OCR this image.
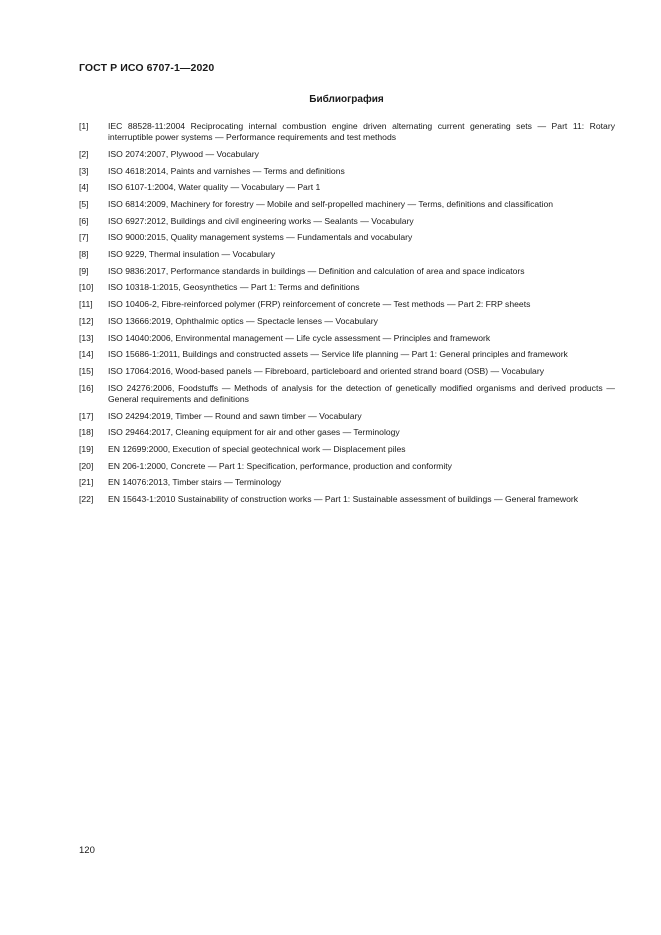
ГОСТ Р ИСО 6707-1—2020
Библиография
[1]	IEC 88528-11:2004 Reciprocating internal combustion engine driven alternating current generating sets — Part 11: Rotary interruptible power systems — Performance requirements and test methods
[2]	ISO 2074:2007, Plywood — Vocabulary
[3]	ISO 4618:2014, Paints and varnishes — Terms and definitions
[4]	ISO 6107-1:2004, Water quality — Vocabulary — Part 1
[5]	ISO 6814:2009, Machinery for forestry — Mobile and self-propelled machinery — Terms, definitions and classification
[6]	ISO 6927:2012, Buildings and civil engineering works — Sealants — Vocabulary
[7]	ISO 9000:2015, Quality management systems — Fundamentals and vocabulary
[8]	ISO 9229, Thermal insulation — Vocabulary
[9]	ISO 9836:2017, Performance standards in buildings — Definition and calculation of area and space indicators
[10]	ISO 10318-1:2015, Geosynthetics — Part 1: Terms and definitions
[11]	ISO 10406-2, Fibre-reinforced polymer (FRP) reinforcement of concrete — Test methods — Part 2: FRP sheets
[12]	ISO 13666:2019, Ophthalmic optics — Spectacle lenses — Vocabulary
[13]	ISO 14040:2006, Environmental management — Life cycle assessment — Principles and framework
[14]	ISO 15686-1:2011, Buildings and constructed assets — Service life planning — Part 1: General principles and framework
[15]	ISO 17064:2016, Wood-based panels — Fibreboard, particleboard and oriented strand board (OSB) — Vocabulary
[16]	ISO 24276:2006, Foodstuffs — Methods of analysis for the detection of genetically modified organisms and derived products — General requirements and definitions
[17]	ISO 24294:2019, Timber — Round and sawn timber — Vocabulary
[18]	ISO 29464:2017, Cleaning equipment for air and other gases — Terminology
[19]	EN 12699:2000, Execution of special geotechnical work — Displacement piles
[20]	EN 206-1:2000, Concrete — Part 1: Specification, performance, production and conformity
[21]	EN 14076:2013, Timber stairs — Terminology
[22]	EN 15643-1:2010 Sustainability of construction works — Part 1: Sustainable assessment of buildings — General framework
120
